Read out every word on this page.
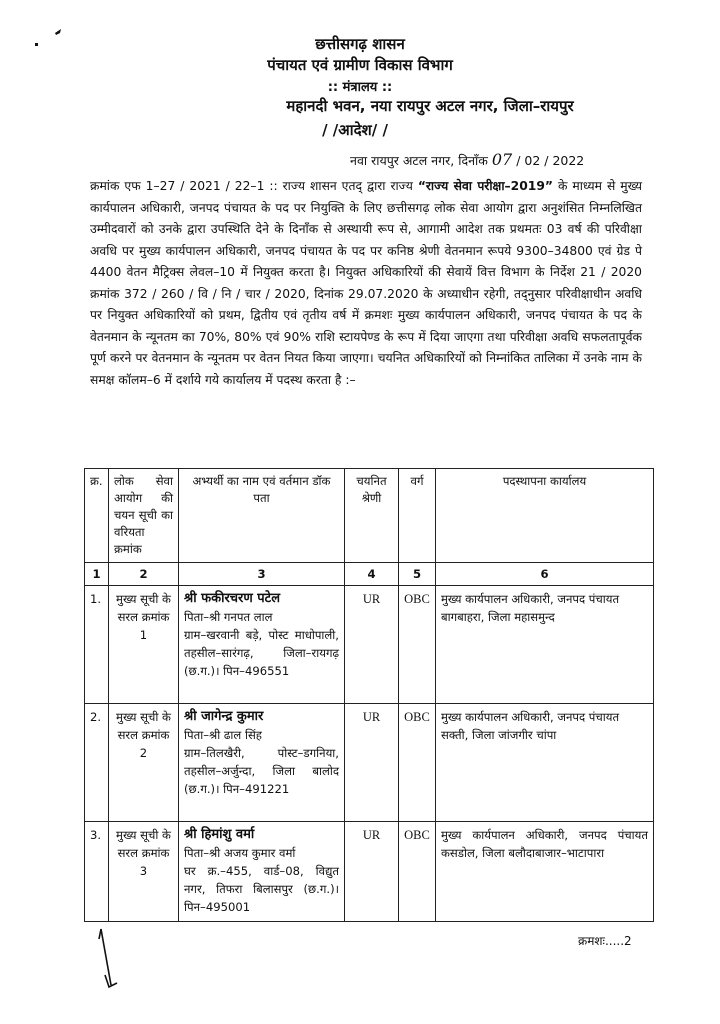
छत्तीसगढ़ शासन
पंचायत एवं ग्रामीण विकास विभाग
:: मंत्रालय ::
महानदी भवन, नया रायपुर अटल नगर, जिला–रायपुर
/ /आदेश/ /
नवा रायपुर अटल नगर, दिनाँक 07 / 02 / 2022
क्रमांक एफ 1–27 / 2021 / 22–1 :: राज्य शासन एतद् द्वारा राज्य “राज्य सेवा परीक्षा–2019” के माध्यम से मुख्य कार्यपालन अधिकारी, जनपद पंचायत के पद पर नियुक्ति के लिए छत्तीसगढ़ लोक सेवा आयोग द्वारा अनुशंसित निम्नलिखित उम्मीदवारों को उनके द्वारा उपस्थिति देने के दिनाँक से अस्थायी रूप से, आगामी आदेश तक प्रथमतः 03 वर्ष की परिवीक्षा अवधि पर मुख्य कार्यपालन अधिकारी, जनपद पंचायत के पद पर कनिष्ठ श्रेणी वेतनमान रूपये 9300–34800 एवं ग्रेड पे 4400 वेतन मैट्रिक्स लेवल–10 में नियुक्त करता है। नियुक्त अधिकारियों की सेवायें वित्त विभाग के निर्देश 21 / 2020 क्रमांक 372 / 260 / वि / नि / चार / 2020, दिनांक 29.07.2020 के अध्याधीन रहेगी, तद्नुसार परिवीक्षाधीन अवधि पर नियुक्त अधिकारियों को प्रथम, द्वितीय एवं तृतीय वर्ष में क्रमशः मुख्य कार्यपालन अधिकारी, जनपद पंचायत के पद के वेतनमान के न्यूनतम का 70%, 80% एवं 90% राशि स्टायपेण्ड के रूप में दिया जाएगा तथा परिवीक्षा अवधि सफलतापूर्वक पूर्ण करने पर वेतनमान के न्यूनतम पर वेतन नियत किया जाएगा। चयनित अधिकारियों को निम्नांकित तालिका में उनके नाम के समक्ष कॉलम–6 में दर्शाये गये कार्यालय में पदस्थ करता है :–
क्र.	लोक सेवा आयोग की चयन सूची का वरियता क्रमांक	अभ्यर्थी का नाम एवं वर्तमान डॉक पता	चयनित श्रेणी	वर्ग	पदस्थापना कार्यालय
1	2	3	4	5	6
1.	मुख्य सूची के सरल क्रमांक 1	श्री फकीरचरण पटेल
पिता–श्री गनपत लाल
ग्राम–खरवानी बड़े, पोस्ट माधोपाली, तहसील–सारंगढ़, जिला–रायगढ़ (छ.ग.)। पिन–496551	UR	OBC	मुख्य कार्यपालन अधिकारी, जनपद पंचायत बागबाहरा, जिला महासमुन्द
2.	मुख्य सूची के सरल क्रमांक 2	श्री जागेन्द्र कुमार
पिता–श्री ढाल सिंह
ग्राम–तिलखैरी, पोस्ट–डगनिया, तहसील–अर्जुन्दा, जिला बालोद (छ.ग.)। पिन–491221	UR	OBC	मुख्य कार्यपालन अधिकारी, जनपद पंचायत सक्ती, जिला जांजगीर चांपा
3.	मुख्य सूची के सरल क्रमांक 3	श्री हिमांशु वर्मा
पिता–श्री अजय कुमार वर्मा
घर क्र.–455, वार्ड–08, विद्युत नगर, तिफरा बिलासपुर (छ.ग.)। पिन–495001	UR	OBC	मुख्य कार्यपालन अधिकारी, जनपद पंचायत कसडोल, जिला बलौदाबाजार–भाटापारा
क्रमशः.....2
